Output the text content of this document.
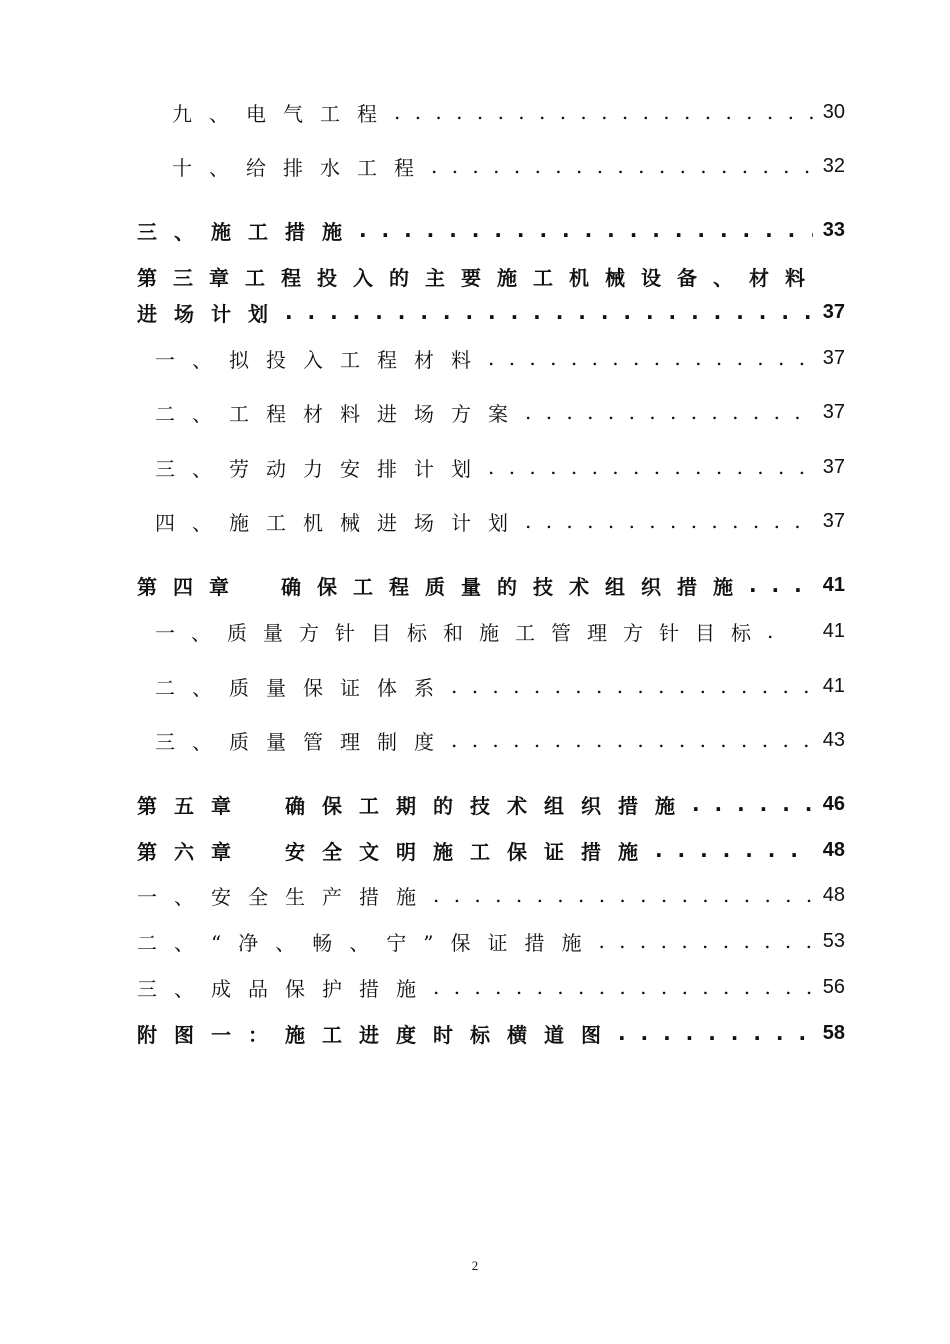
九、电气工程 . . .	30
十、给排水工程 . . .	32
三、施工措施 . . .	33
第三章工程投入的主要施工机械设备、材料
进场计划 . . .	37
一、拟投入工程材料 . . .	37
二、工程材料进场方案 . . .	37
三、劳动力安排计划 . . .	37
四、施工机械进场计划 . . .	37
第四章　确保工程质量的技术组织措施 . . .	41
一、质量方针目标和施工管理方针目标 .	41
二、质量保证体系 . . .	41
三、质量管理制度 . . .	43
第五章　确保工期的技术组织措施 . . .	46
第六章　安全文明施工保证措施 . . .	48
一、安全生产措施 . . .	48
二、“净、畅、宁”保证措施 . . .	53
三、成品保护措施 . . .	56
附图一：施工进度时标横道图 . . .	58
2
